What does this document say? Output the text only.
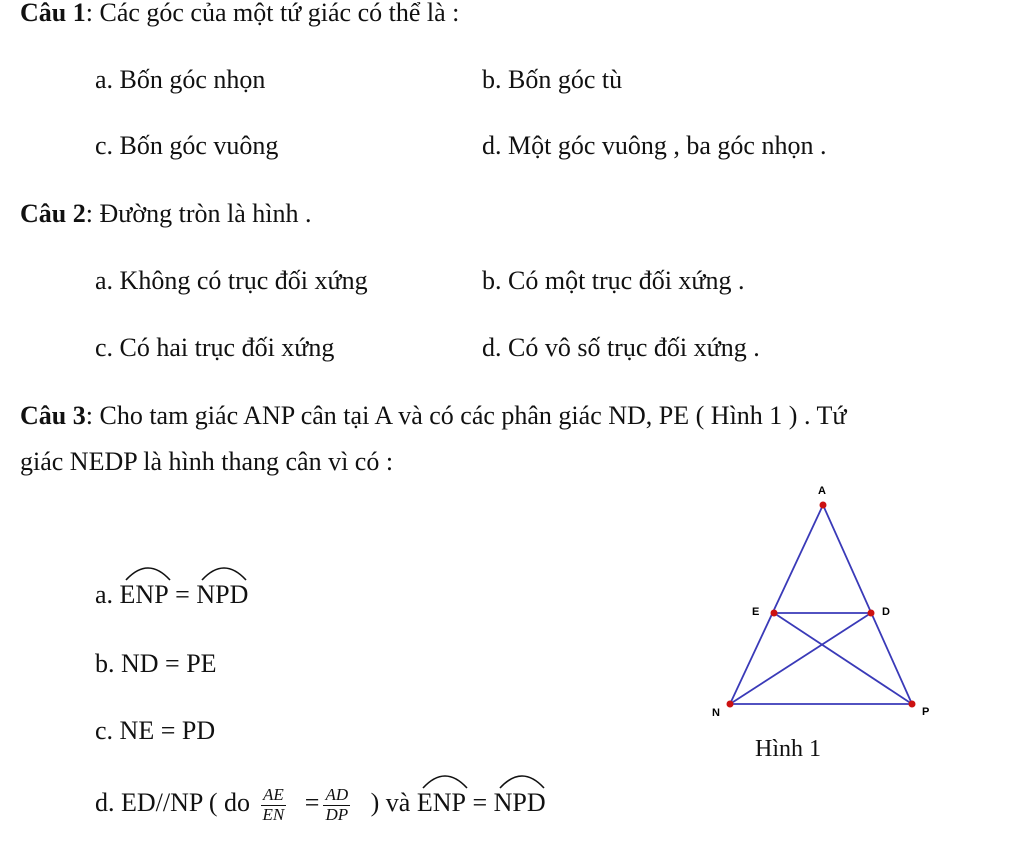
Câu 1: Các góc của một tứ giác có thể là :
a. Bốn góc nhọn	b. Bốn góc tù
c. Bốn góc vuông	d. Một góc vuông , ba góc nhọn .
Câu 2: Đường tròn là hình .
a. Không có trục đối xứng	b. Có một trục đối xứng .
c. Có hai trục đối xứng	d. Có vô số trục đối xứng .
Câu 3: Cho tam giác ANP cân tại A và có các phân giác ND, PE ( Hình 1 ) . Tứ
giác NEDP là hình thang cân vì có :
a. ENP =
NPD
b. ND = PE
c. NE = PD
d. ED//NP ( do $\frac{AE}{EN} = \frac{AD}{DP}$ ) và ENP =
NPD
A
E	D
N	P
Hình 1
